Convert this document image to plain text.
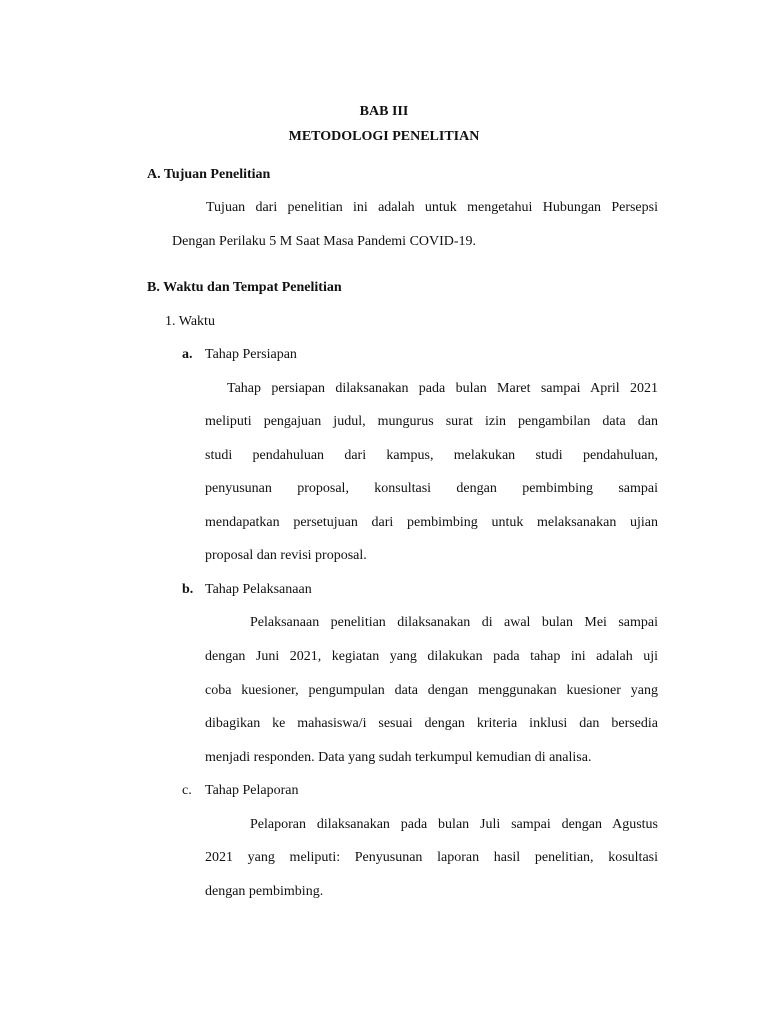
BAB III
METODOLOGI PENELITIAN
A. Tujuan Penelitian
Tujuan dari penelitian ini adalah untuk mengetahui Hubungan Persepsi
Dengan Perilaku 5 M Saat Masa Pandemi COVID-19.
B. Waktu dan Tempat Penelitian
1. Waktu
a. Tahap Persiapan
Tahap persiapan dilaksanakan pada bulan Maret sampai April 2021
meliputi pengajuan judul, mungurus surat izin pengambilan data dan
studi pendahuluan dari kampus, melakukan studi pendahuluan,
penyusunan proposal, konsultasi dengan pembimbing sampai
mendapatkan persetujuan dari pembimbing untuk melaksanakan ujian
proposal dan revisi proposal.
b. Tahap Pelaksanaan
Pelaksanaan penelitian dilaksanakan di awal bulan Mei sampai
dengan Juni 2021, kegiatan yang dilakukan pada tahap ini adalah uji
coba kuesioner, pengumpulan data dengan menggunakan kuesioner yang
dibagikan ke mahasiswa/i sesuai dengan kriteria inklusi dan bersedia
menjadi responden. Data yang sudah terkumpul kemudian di analisa.
c. Tahap Pelaporan
Pelaporan dilaksanakan pada bulan Juli sampai dengan Agustus
2021 yang meliputi: Penyusunan laporan hasil penelitian, kosultasi
dengan pembimbing.
